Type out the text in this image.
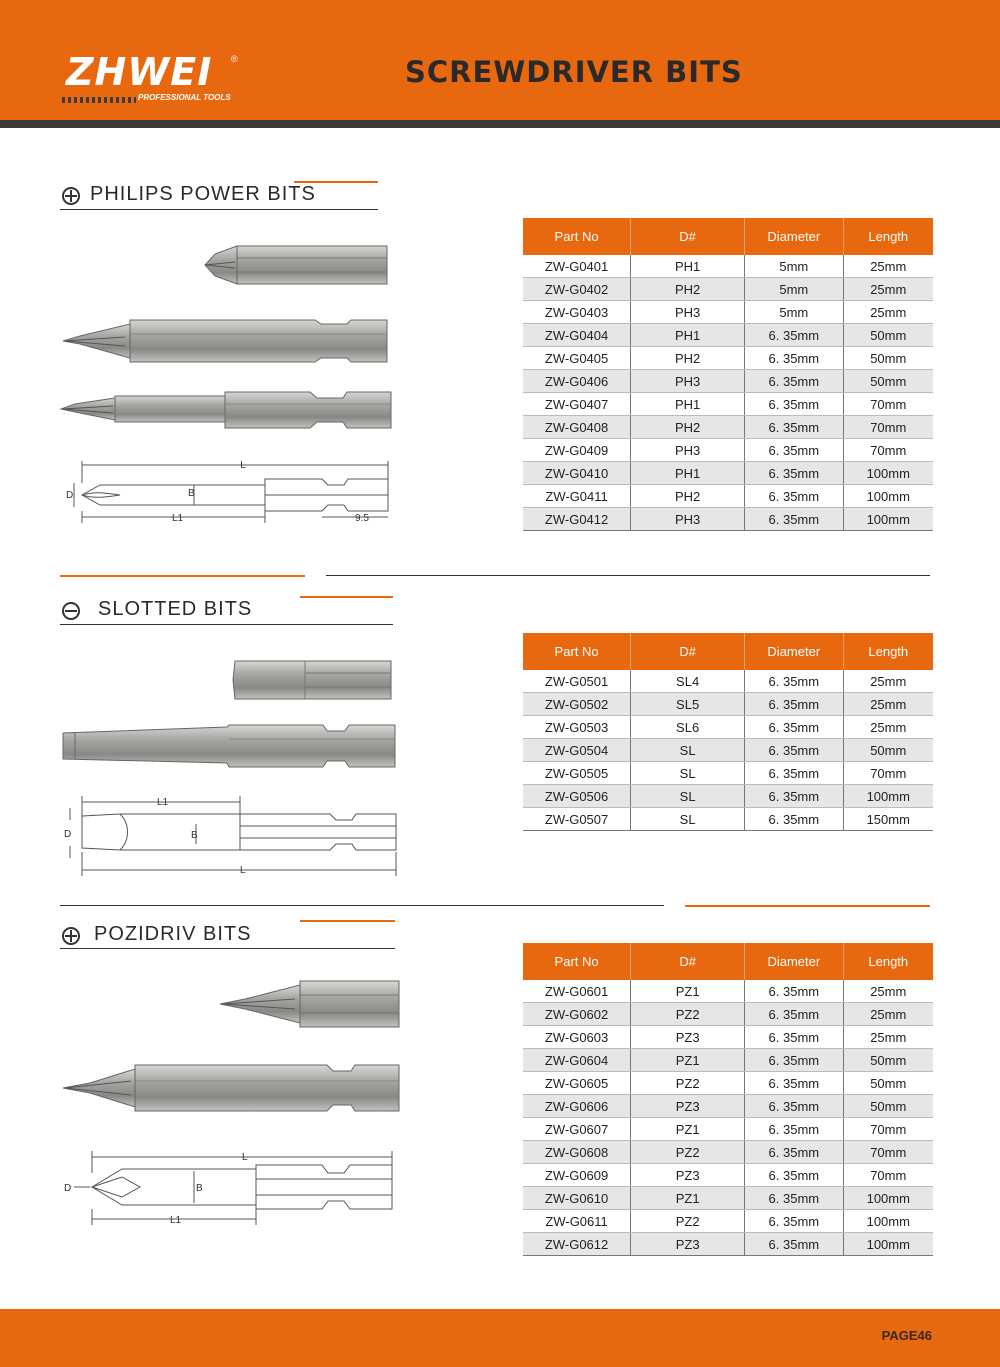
ZHWEI ®
PROFESSIONAL TOOLS
SCREWDRIVER BITS
PHILIPS POWER BITS
L
D	B
L1	9.5
Part No	D#	Diameter	Length
ZW-G0401	PH1	5mm	25mm
ZW-G0402	PH2	5mm	25mm
ZW-G0403	PH3	5mm	25mm
ZW-G0404	PH1	6. 35mm	50mm
ZW-G0405	PH2	6. 35mm	50mm
ZW-G0406	PH3	6. 35mm	50mm
ZW-G0407	PH1	6. 35mm	70mm
ZW-G0408	PH2	6. 35mm	70mm
ZW-G0409	PH3	6. 35mm	70mm
ZW-G0410	PH1	6. 35mm	100mm
ZW-G0411	PH2	6. 35mm	100mm
ZW-G0412	PH3	6. 35mm	100mm
SLOTTED BITS
L1
D	B
L
Part No	D#	Diameter	Length
ZW-G0501	SL4	6. 35mm	25mm
ZW-G0502	SL5	6. 35mm	25mm
ZW-G0503	SL6	6. 35mm	25mm
ZW-G0504	SL	6. 35mm	50mm
ZW-G0505	SL	6. 35mm	70mm
ZW-G0506	SL	6. 35mm	100mm
ZW-G0507	SL	6. 35mm	150mm
POZIDRIV BITS
L
D	B
L1
Part No	D#	Diameter	Length
ZW-G0601	PZ1	6. 35mm	25mm
ZW-G0602	PZ2	6. 35mm	25mm
ZW-G0603	PZ3	6. 35mm	25mm
ZW-G0604	PZ1	6. 35mm	50mm
ZW-G0605	PZ2	6. 35mm	50mm
ZW-G0606	PZ3	6. 35mm	50mm
ZW-G0607	PZ1	6. 35mm	70mm
ZW-G0608	PZ2	6. 35mm	70mm
ZW-G0609	PZ3	6. 35mm	70mm
ZW-G0610	PZ1	6. 35mm	100mm
ZW-G0611	PZ2	6. 35mm	100mm
ZW-G0612	PZ3	6. 35mm	100mm
PAGE46
